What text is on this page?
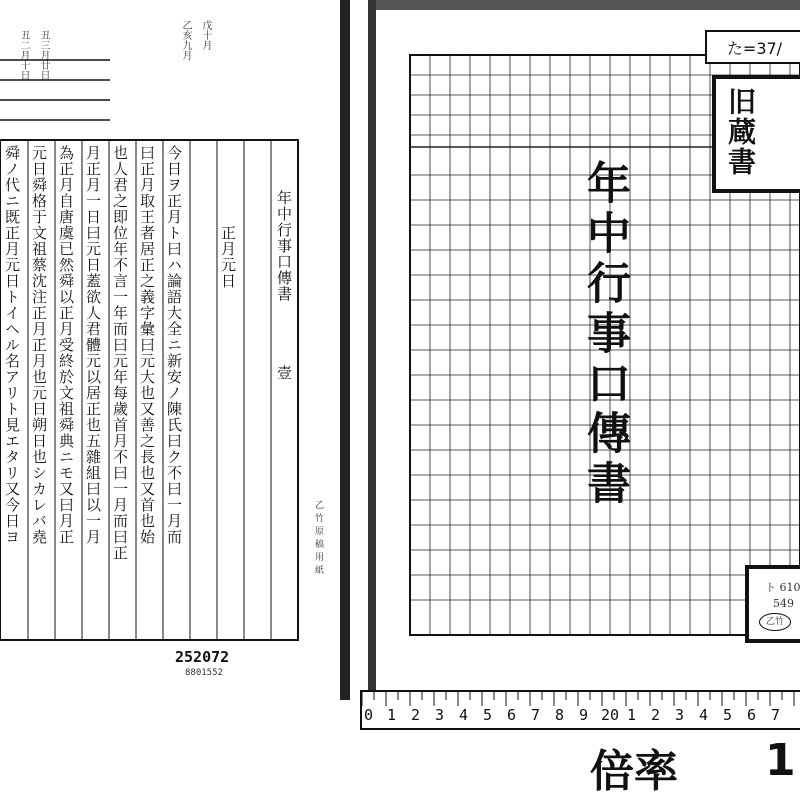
丑二月十日 丑三月廿日	乙亥九月 戊十月
今日ヲ正月ト曰ハ論語大全ニ新安ノ陳氏曰ク不曰一月而
曰正月取王者居正之義字彙曰元大也又善之長也又首也始
也人君之即位年不言一年而曰元年每歲首月不曰一月而曰正
月正月一日曰元日蓋欲人君體元以居正也五雜組曰以一月
為正月自唐虞已然舜以正月受終於文祖舜典ニモ又曰月正
元日舜格于文祖蔡沈注正月正月也元日朔日也シカレバ堯
舜ノ代ニ既正月元日トイヘル名アリト見エタリ又今日ヨ	年中行事口傳書
正月元日
壹
乙竹原稿用紙
252072
8801552
年中行事口傳書
た=37/
旧蔵書
ト 610
549
乙竹
0 1 2 3 4 5 6 7 8 9 20 1 2 3 4 5 6 7
倍率 1
